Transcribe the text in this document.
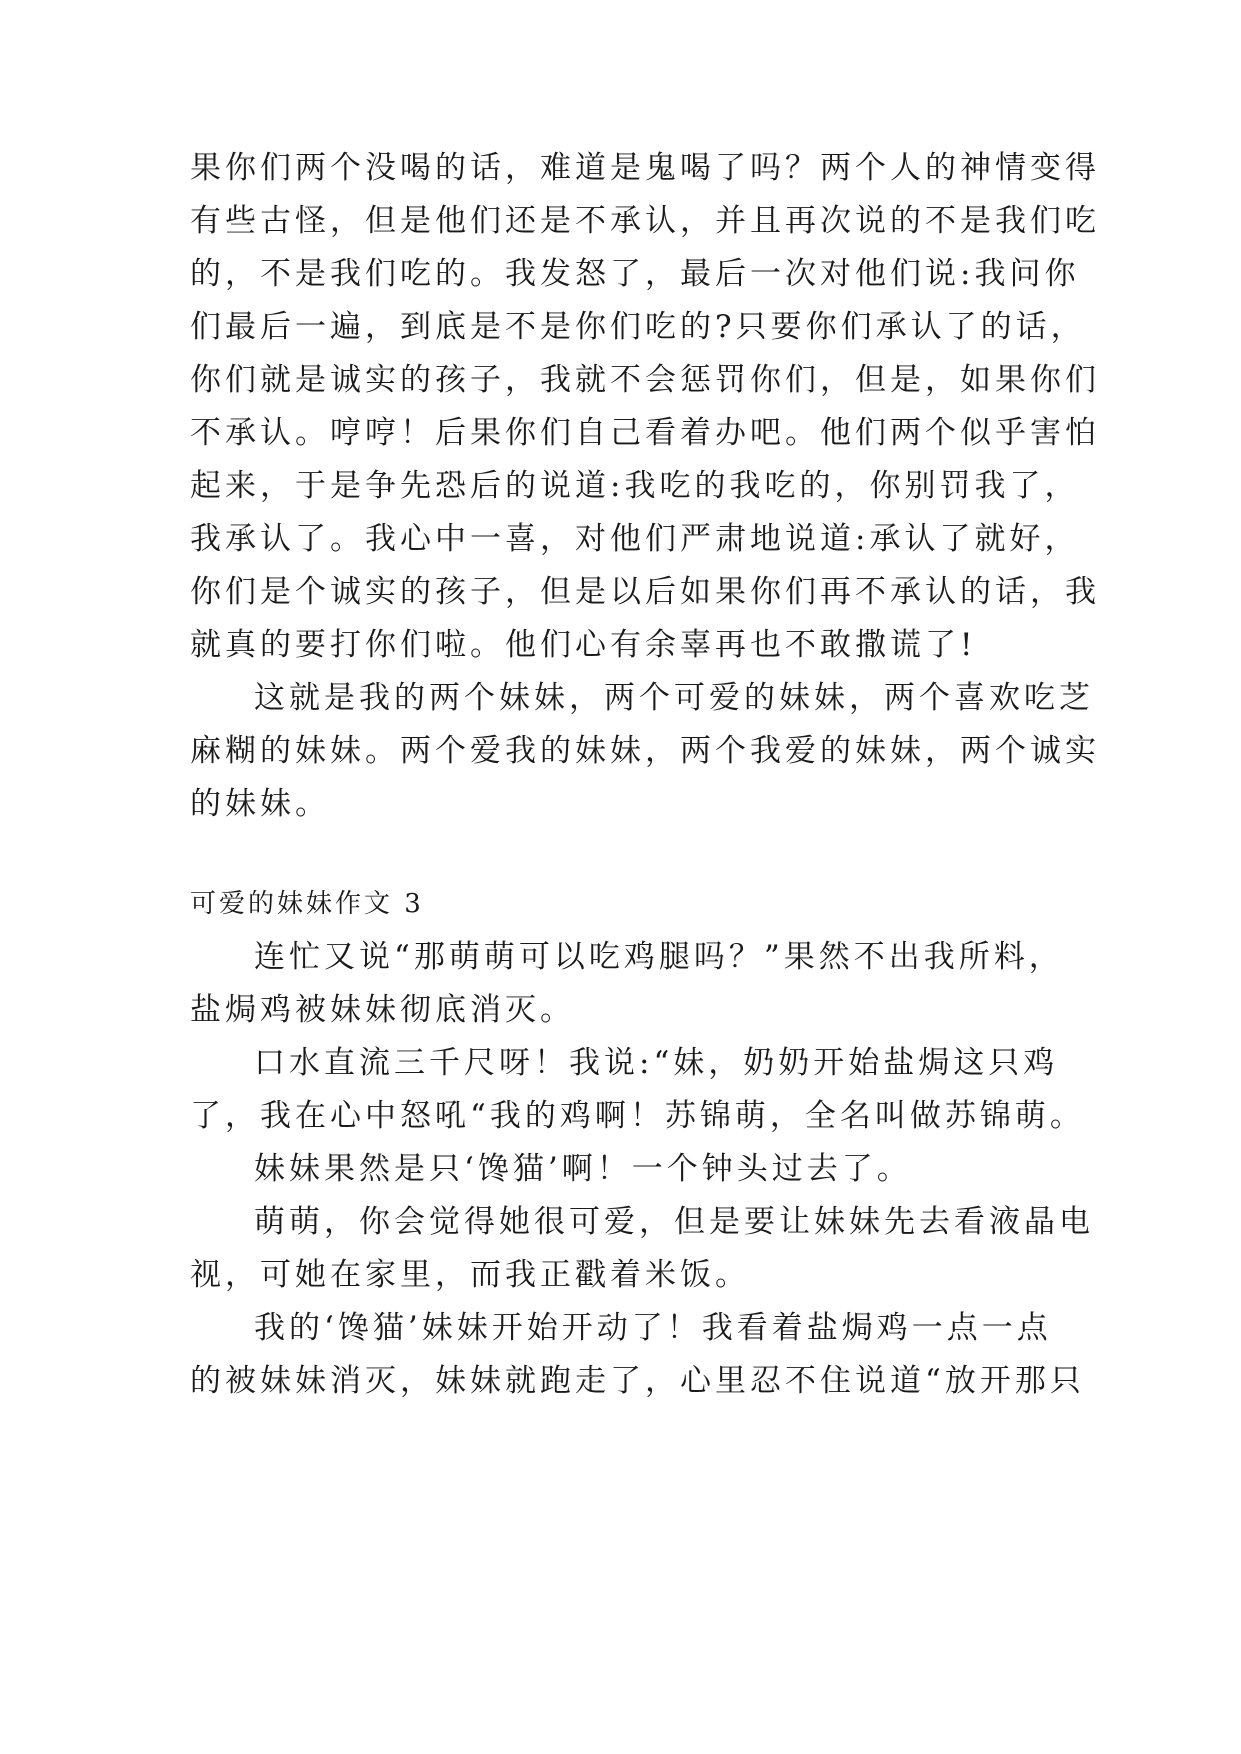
果你们两个没喝的话，难道是鬼喝了吗？两个人的神情变得
有些古怪，但是他们还是不承认，并且再次说的不是我们吃
的，不是我们吃的。我发怒了，最后一次对他们说:我问你
们最后一遍，到底是不是你们吃的?只要你们承认了的话，
你们就是诚实的孩子，我就不会惩罚你们，但是，如果你们
不承认。哼哼！后果你们自己看着办吧。他们两个似乎害怕
起来，于是争先恐后的说道:我吃的我吃的，你别罚我了，
我承认了。我心中一喜，对他们严肃地说道:承认了就好，
你们是个诚实的孩子，但是以后如果你们再不承认的话，我
就真的要打你们啦。他们心有余辜再也不敢撒谎了!
这就是我的两个妹妹，两个可爱的妹妹，两个喜欢吃芝
麻糊的妹妹。两个爱我的妹妹，两个我爱的妹妹，两个诚实
的妹妹。
可爱的妹妹作文 3
连忙又说“那萌萌可以吃鸡腿吗？”果然不出我所料，
盐焗鸡被妹妹彻底消灭。
口水直流三千尺呀！我说:“妹，奶奶开始盐焗这只鸡
了，我在心中怒吼“我的鸡啊！苏锦萌，全名叫做苏锦萌。
妹妹果然是只‘馋猫’啊！一个钟头过去了。
萌萌，你会觉得她很可爱，但是要让妹妹先去看液晶电
视，可她在家里，而我正戳着米饭。
我的‘馋猫’妹妹开始开动了！我看着盐焗鸡一点一点
的被妹妹消灭，妹妹就跑走了，心里忍不住说道“放开那只
